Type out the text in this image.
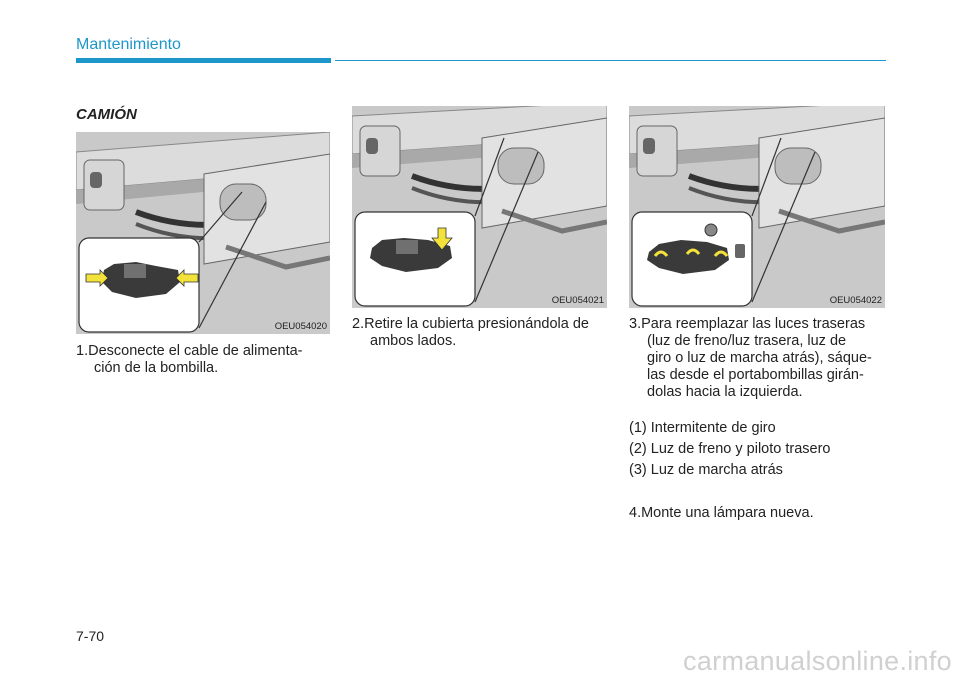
Mantenimiento
CAMIÓN
OEU054020
OEU054021	OEU054022
1.Desconecte el cable de alimenta-
ción de la bombilla.
2.Retire la cubierta presionándola de
ambos lados.
3.Para reemplazar las luces traseras
(luz de freno/luz trasera, luz de
giro o luz de marcha atrás), sáque-
las desde el portabombillas girán-
dolas hacia la izquierda.
(1) Intermitente de giro
(2) Luz de freno y piloto trasero
(3) Luz de marcha atrás
4.Monte una lámpara nueva.
7-70
carmanualsonline.info
